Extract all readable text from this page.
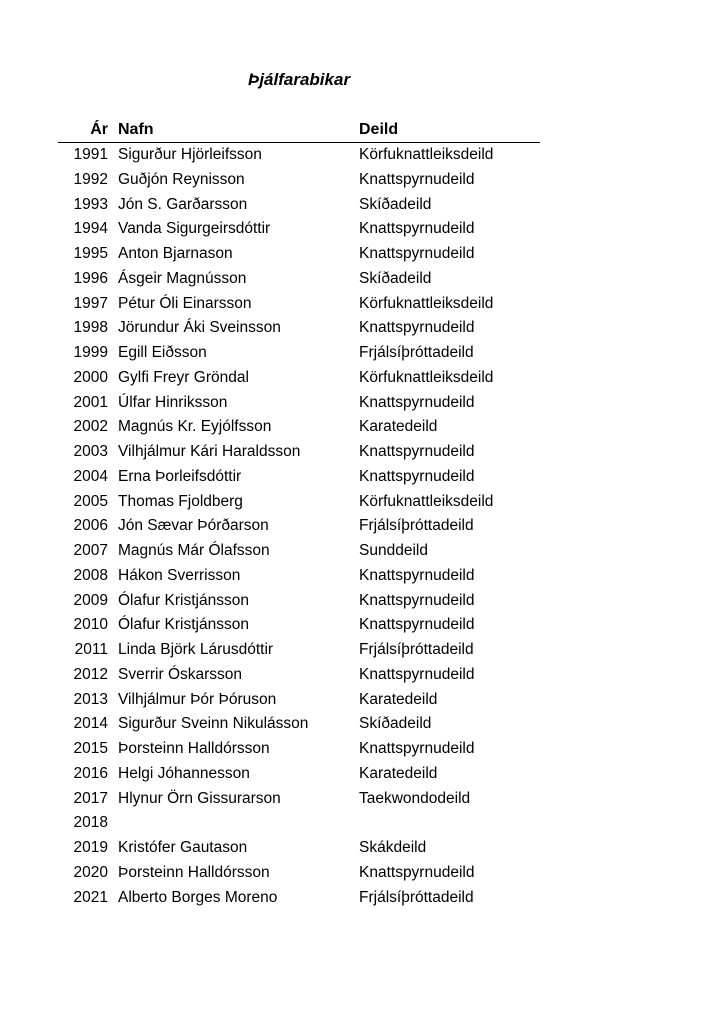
Þjálfarabikar
Ár Nafn	Deild
1991 Sigurður Hjörleifsson	Körfuknattleiksdeild
1992 Guðjón Reynisson	Knattspyrnudeild
1993 Jón S. Garðarsson	Skíðadeild
1994 Vanda Sigurgeirsdóttir	Knattspyrnudeild
1995 Anton Bjarnason	Knattspyrnudeild
1996 Ásgeir Magnússon	Skíðadeild
1997 Pétur Óli Einarsson	Körfuknattleiksdeild
1998 Jörundur Áki Sveinsson	Knattspyrnudeild
1999 Egill Eiðsson	Frjálsíþróttadeild
2000 Gylfi Freyr Gröndal	Körfuknattleiksdeild
2001 Úlfar Hinriksson	Knattspyrnudeild
2002 Magnús Kr. Eyjólfsson	Karatedeild
2003 Vilhjálmur Kári Haraldsson	Knattspyrnudeild
2004 Erna Þorleifsdóttir	Knattspyrnudeild
2005 Thomas Fjoldberg	Körfuknattleiksdeild
2006 Jón Sævar Þórðarson	Frjálsíþróttadeild
2007 Magnús Már Ólafsson	Sunddeild
2008 Hákon Sverrisson	Knattspyrnudeild
2009 Ólafur Kristjánsson	Knattspyrnudeild
2010 Ólafur Kristjánsson	Knattspyrnudeild
2011 Linda Björk Lárusdóttir	Frjálsíþróttadeild
2012 Sverrir Óskarsson	Knattspyrnudeild
2013 Vilhjálmur Þór Þóruson	Karatedeild
2014 Sigurður Sveinn Nikulásson	Skíðadeild
2015 Þorsteinn Halldórsson	Knattspyrnudeild
2016 Helgi Jóhannesson	Karatedeild
2017 Hlynur Örn Gissurarson	Taekwondodeild
2018
2019 Kristófer Gautason	Skákdeild
2020 Þorsteinn Halldórsson	Knattspyrnudeild
2021 Alberto Borges Moreno	Frjálsíþróttadeild
